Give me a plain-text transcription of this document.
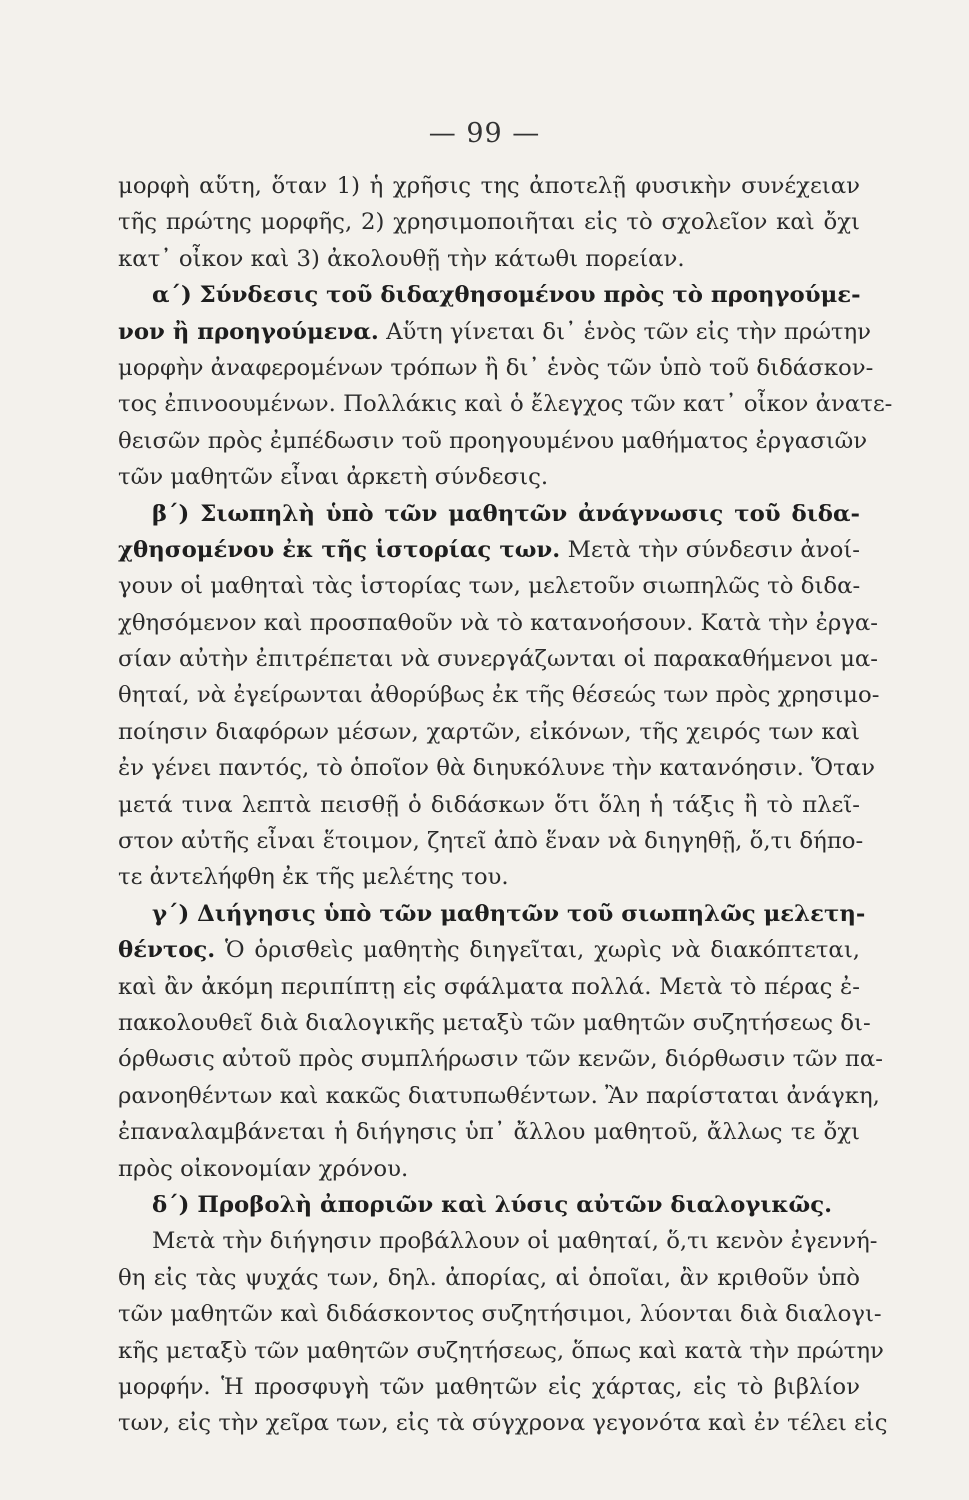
— 99 —
μορφὴ αὕτη, ὅταν 1) ἡ χρῆσις της ἀποτελῇ φυσικὴν συνέχειαν
τῆς πρώτης μορφῆς, 2) χρησιμοποιῆται εἰς τὸ σχολεῖον καὶ ὄχι
κατ᾽ οἶκον καὶ 3) ἀκολουθῇ τὴν κάτωθι πορείαν.
α΄) Σύνδεσις τοῦ διδαχθησομένου πρὸς τὸ προηγούμε-
νον ἢ προηγούμενα. Αὕτη γίνεται δι᾽ ἑνὸς τῶν εἰς τὴν πρώτην
μορφὴν ἀναφερομένων τρόπων ἢ δι᾽ ἑνὸς τῶν ὑπὸ τοῦ διδάσκον-
τος ἐπινοουμένων. Πολλάκις καὶ ὁ ἔλεγχος τῶν κατ᾽ οἶκον ἀνατε-
θεισῶν πρὸς ἐμπέδωσιν τοῦ προηγουμένου μαθήματος ἐργασιῶν
τῶν μαθητῶν εἶναι ἀρκετὴ σύνδεσις.
β΄) Σιωπηλὴ ὑπὸ τῶν μαθητῶν ἀνάγνωσις τοῦ διδα-
χθησομένου ἐκ τῆς ἱστορίας των. Μετὰ τὴν σύνδεσιν ἀνοί-
γουν οἱ μαθηταὶ τὰς ἱστορίας των, μελετοῦν σιωπηλῶς τὸ διδα-
χθησόμενον καὶ προσπαθοῦν νὰ τὸ κατανοήσουν. Κατὰ τὴν ἐργα-
σίαν αὐτὴν ἐπιτρέπεται νὰ συνεργάζωνται οἱ παρακαθήμενοι μα-
θηταί, νὰ ἐγείρωνται ἀθορύβως ἐκ τῆς θέσεώς των πρὸς χρησιμο-
ποίησιν διαφόρων μέσων, χαρτῶν, εἰκόνων, τῆς χειρός των καὶ
ἐν γένει παντός, τὸ ὁποῖον θὰ διηυκόλυνε τὴν κατανόησιν. Ὅταν
μετά τινα λεπτὰ πεισθῇ ὁ διδάσκων ὅτι ὅλη ἡ τάξις ἢ τὸ πλεῖ-
στον αὐτῆς εἶναι ἕτοιμον, ζητεῖ ἀπὸ ἕναν νὰ διηγηθῇ, ὅ,τι δήπο-
τε ἀντελήφθη ἐκ τῆς μελέτης του.
γ΄) Διήγησις ὑπὸ τῶν μαθητῶν τοῦ σιωπηλῶς μελετη-
θέντος. Ὁ ὁρισθεὶς μαθητὴς διηγεῖται, χωρὶς νὰ διακόπτεται,
καὶ ἂν ἀκόμη περιπίπτῃ εἰς σφάλματα πολλά. Μετὰ τὸ πέρας ἐ-
πακολουθεῖ διὰ διαλογικῆς μεταξὺ τῶν μαθητῶν συζητήσεως δι-
όρθωσις αὐτοῦ πρὸς συμπλήρωσιν τῶν κενῶν, διόρθωσιν τῶν πα-
ρανοηθέντων καὶ κακῶς διατυπωθέντων. Ἂν παρίσταται ἀνάγκη,
ἐπαναλαμβάνεται ἡ διήγησις ὑπ᾽ ἄλλου μαθητοῦ, ἄλλως τε ὄχι
πρὸς οἰκονομίαν χρόνου.
δ΄) Προβολὴ ἀποριῶν καὶ λύσις αὐτῶν διαλογικῶς.
Μετὰ τὴν διήγησιν προβάλλουν οἱ μαθηταί, ὅ,τι κενὸν ἐγεννή-
θη εἰς τὰς ψυχάς των, δηλ. ἀπορίας, αἱ ὁποῖαι, ἂν κριθοῦν ὑπὸ
τῶν μαθητῶν καὶ διδάσκοντος συζητήσιμοι, λύονται διὰ διαλογι-
κῆς μεταξὺ τῶν μαθητῶν συζητήσεως, ὅπως καὶ κατὰ τὴν πρώτην
μορφήν. Ἡ προσφυγὴ τῶν μαθητῶν εἰς χάρτας, εἰς τὸ βιβλίον
των, εἰς τὴν χεῖρα των, εἰς τὰ σύγχρονα γεγονότα καὶ ἐν τέλει εἰς
